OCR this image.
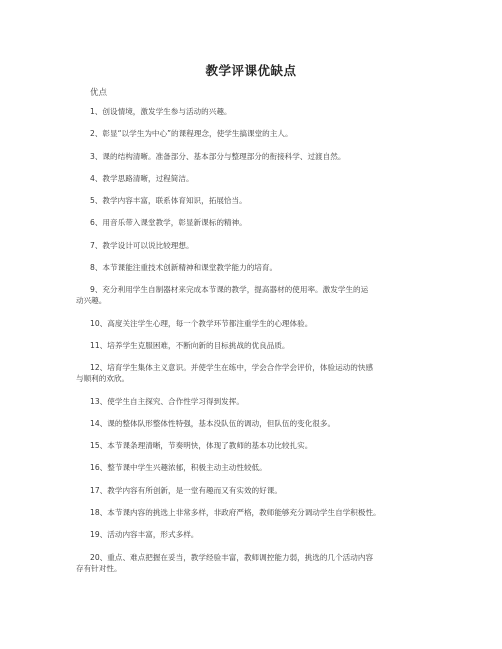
教学评课优缺点
优点
1、创设情境，激发学生参与活动的兴趣。
2、彰显“以学生为中心”的课程理念，使学生搞课堂的主人。
3、课的结构清晰。准备部分、基本部分与整理部分的衔接科学、过渡自然。
4、教学思路清晰，过程简洁。
5、教学内容丰富，联系体育知识，拓展恰当。
6、用音乐带入课堂教学，彰显新课标的精神。
7、教学设计可以说比较理想。
8、本节课能注重技术创新精神和课堂教学能力的培育。
9、充分利用学生自制器材来完成本节课的教学，提高器材的使用率。激发学生的运
动兴趣。
10、高度关注学生心理，每一个教学环节都注重学生的心理体验。
11、培养学生克服困难，不断向新的目标挑战的优良品质。
12、培育学生集体主义意识。并使学生在练中，学会合作学会评价，体验运动的快感
与顺利的欢欣。
13、使学生自主探究、合作性学习得到发挥。
14、课的整体队形整体性特强，基本没队伍的调动，但队伍的变化很多。
15、本节课条理清晰，节奏明快，体现了教师的基本功比较扎实。
16、整节课中学生兴趣浓郁，积极主动主动性较低。
17、教学内容有所创新，是一堂有趣而又有实效的好课。
18、本节课内容的挑选上非常多样，非政府严格，教师能够充分调动学生自学积极性。
19、活动内容丰富，形式多样。
20、重点、难点把握在妥当，教学经验丰富，教师调控能力弱，挑选的几个活动内容
存有针对性。
